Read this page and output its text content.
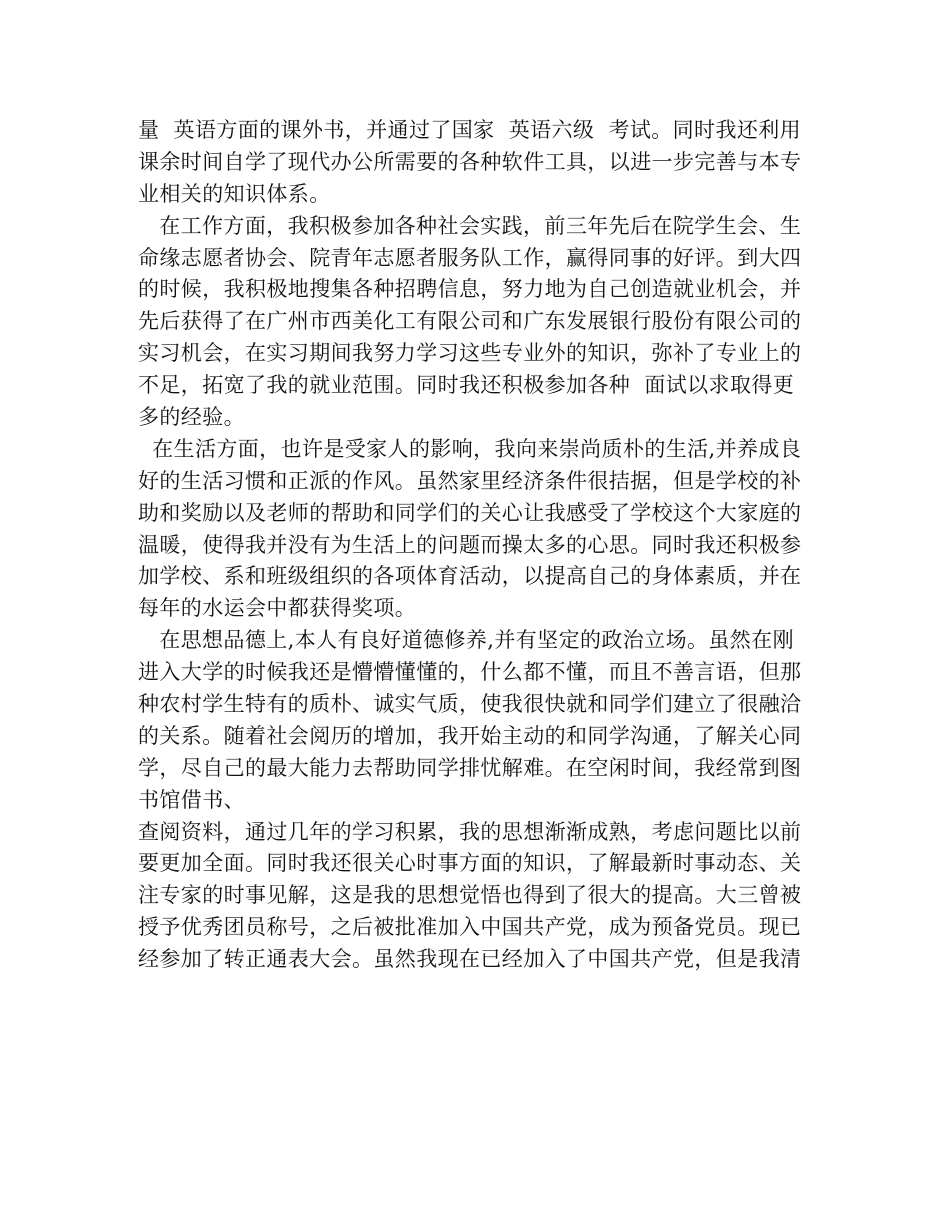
量  英语方面的课外书，并通过了国家  英语六级  考试。同时我还利用
课余时间自学了现代办公所需要的各种软件工具，以进一步完善与本专
业相关的知识体系。
在工作方面，我积极参加各种社会实践，前三年先后在院学生会、生
命缘志愿者协会、院青年志愿者服务队工作，赢得同事的好评。到大四
的时候，我积极地搜集各种招聘信息，努力地为自己创造就业机会，并
先后获得了在广州市西美化工有限公司和广东发展银行股份有限公司的
实习机会，在实习期间我努力学习这些专业外的知识，弥补了专业上的
不足，拓宽了我的就业范围。同时我还积极参加各种  面试以求取得更
多的经验。
在生活方面，也许是受家人的影响，我向来崇尚质朴的生活,并养成良
好的生活习惯和正派的作风。虽然家里经济条件很拮据，但是学校的补
助和奖励以及老师的帮助和同学们的关心让我感受了学校这个大家庭的
温暖，使得我并没有为生活上的问题而操太多的心思。同时我还积极参
加学校、系和班级组织的各项体育活动，以提高自己的身体素质，并在
每年的水运会中都获得奖项。
在思想品德上,本人有良好道德修养,并有坚定的政治立场。虽然在刚
进入大学的时候我还是懵懵懂懂的，什么都不懂，而且不善言语，但那
种农村学生特有的质朴、诚实气质，使我很快就和同学们建立了很融洽
的关系。随着社会阅历的增加，我开始主动的和同学沟通，了解关心同
学，尽自己的最大能力去帮助同学排忧解难。在空闲时间，我经常到图
书馆借书、
查阅资料，通过几年的学习积累，我的思想渐渐成熟，考虑问题比以前
要更加全面。同时我还很关心时事方面的知识，了解最新时事动态、关
注专家的时事见解，这是我的思想觉悟也得到了很大的提高。大三曾被
授予优秀团员称号，之后被批准加入中国共产党，成为预备党员。现已
经参加了转正通表大会。虽然我现在已经加入了中国共产党，但是我清
